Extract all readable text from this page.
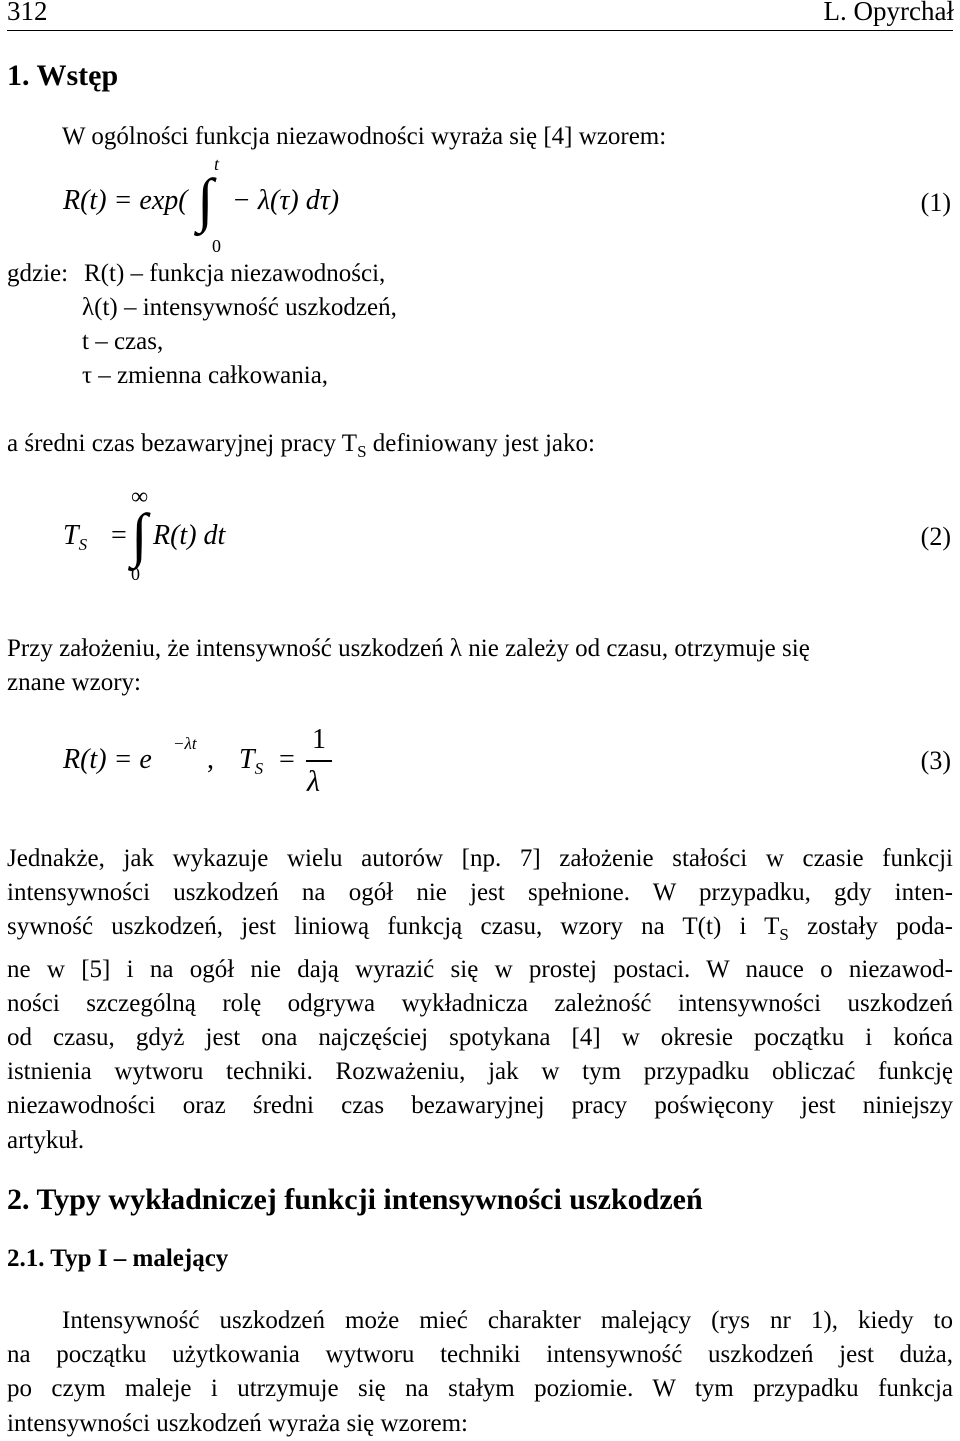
312	L. Opyrchał
1. Wstęp
W ogólności funkcja niezawodności wyraża się [4] wzorem:
R(t) = exp(
t
∫
0
− λ(τ) dτ)	(1)
gdzie: R(t) – funkcja niezawodności,
λ(t) – intensywność uszkodzeń,
t – czas,
τ – zmienna całkowania,
a średni czas bezawaryjnej pracy $T_S$ definiowany jest jako:
$T_S$ =
∞
∫
0
R(t) dt	(2)
Przy założeniu, że intensywność uszkodzeń λ nie zależy od czasu, otrzymuje się
znane wzory:
R(t) = e
−λt
, $T_S$ =
1
λ
(3)
Jednakże, jak wykazuje wielu autorów [np. 7] założenie stałości w czasie funkcji
intensywności uszkodzeń na ogół nie jest spełnione. W przypadku, gdy inten-
sywność uszkodzeń, jest liniową funkcją czasu, wzory na T(t) i $T_S$ zostały poda-
ne w [5] i na ogół nie dają wyrazić się w prostej postaci. W nauce o niezawod-
ności szczególną rolę odgrywa wykładnicza zależność intensywności uszkodzeń
od czasu, gdyż jest ona najczęściej spotykana [4] w okresie początku i końca
istnienia wytworu techniki. Rozważeniu, jak w tym przypadku obliczać funkcję
niezawodności oraz średni czas bezawaryjnej pracy poświęcony jest niniejszy
artykuł.
2. Typy wykładniczej funkcji intensywności uszkodzeń
2.1. Typ I – malejący
Intensywność uszkodzeń może mieć charakter malejący (rys nr 1), kiedy to
na początku użytkowania wytworu techniki intensywność uszkodzeń jest duża,
po czym maleje i utrzymuje się na stałym poziomie. W tym przypadku funkcja
intensywności uszkodzeń wyraża się wzorem:
